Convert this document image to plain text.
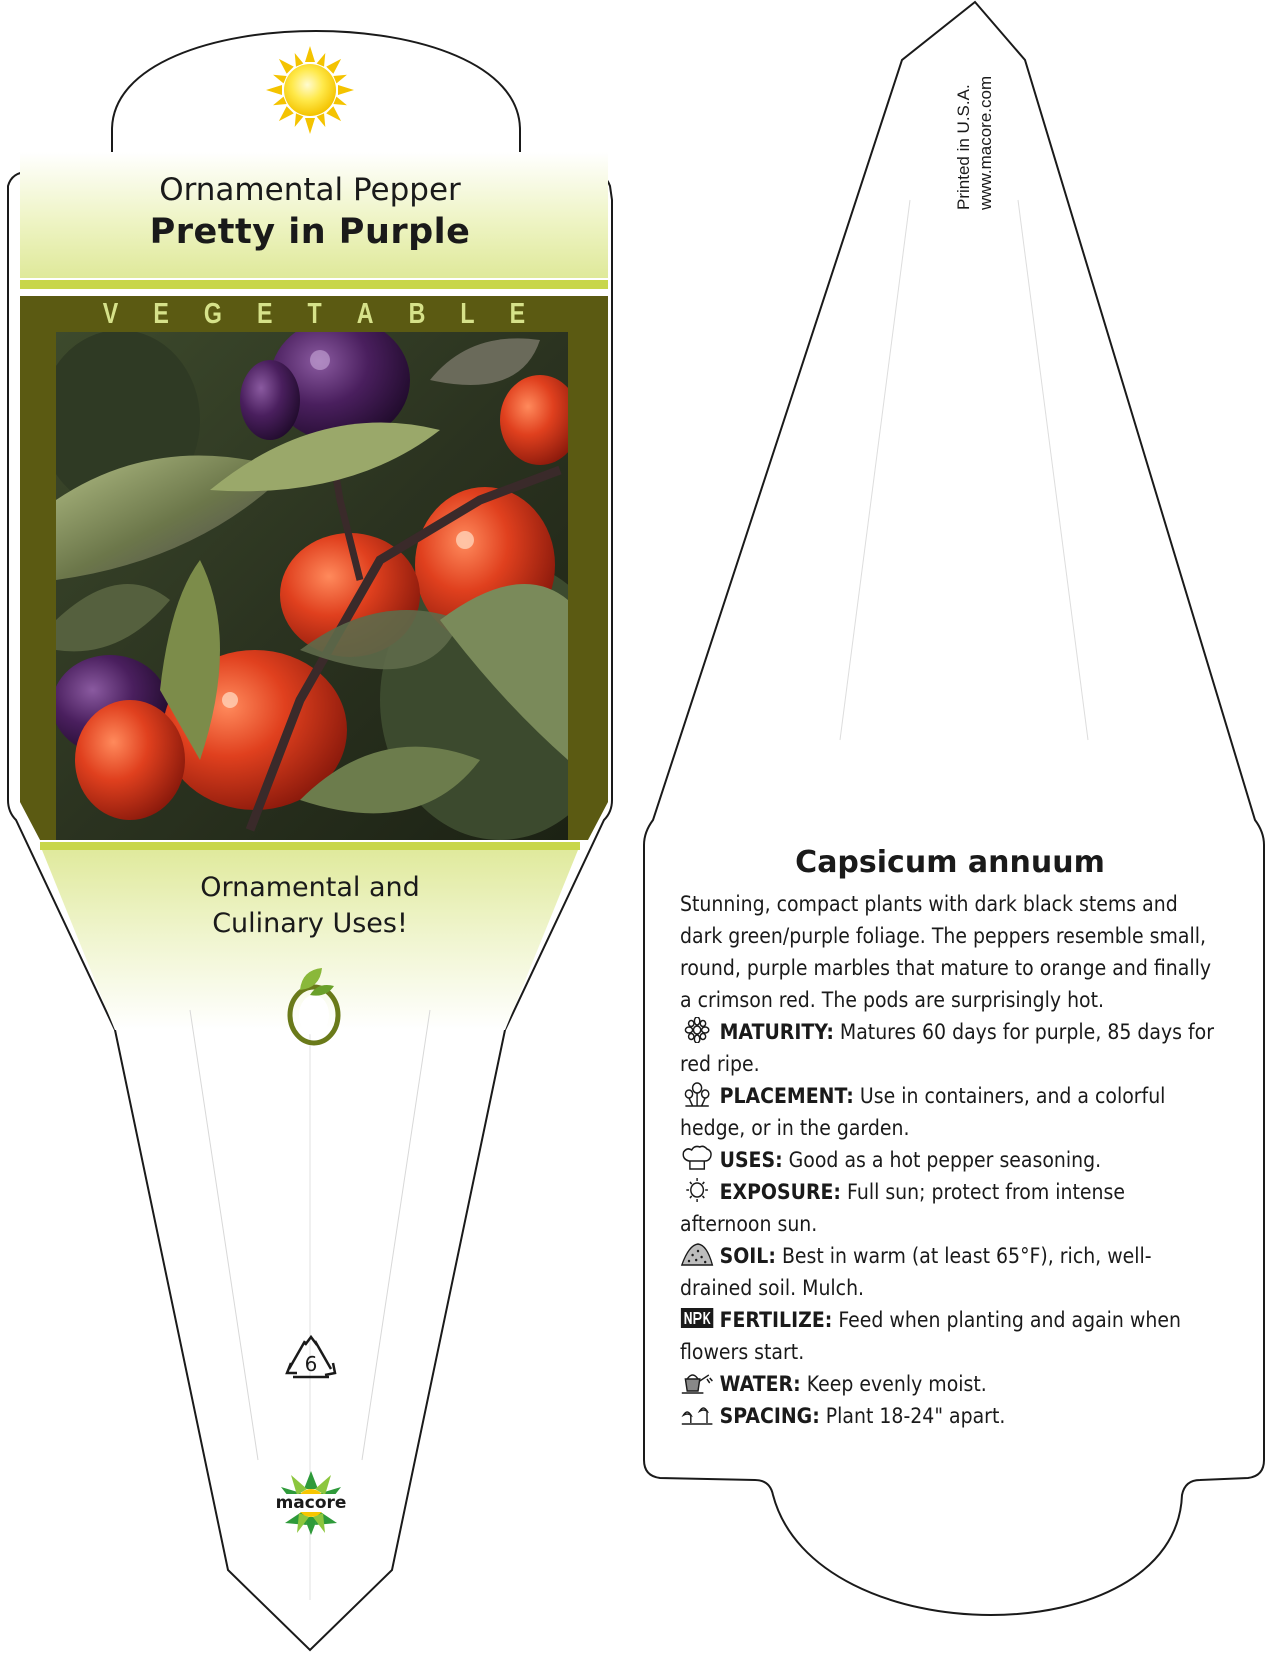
Ornamental Pepper
Pretty in Purple
V E G E T A B L E
Ornamental and
Culinary Uses!
6
macore
Printed in U.S.A. www.macore.com
Capsicum annuum

Stunning, compact plants with dark black stems and dark green/purple foliage. The peppers resemble small, round, purple marbles that mature to orange and finally a crimson red. The pods are surprisingly hot.

MATURITY: Matures 60 days for purple, 85 days for red ripe.

PLACEMENT: Use in containers, and a colorful hedge, or in the garden.

USES: Good as a hot pepper seasoning.

EXPOSURE: Full sun; protect from intense afternoon sun.

SOIL: Best in warm (at least 65°F), rich, well-drained soil. Mulch.

FERTILIZE: Feed when planting and again when flowers start.

WATER: Keep evenly moist.

SPACING: Plant 18-24" apart.
